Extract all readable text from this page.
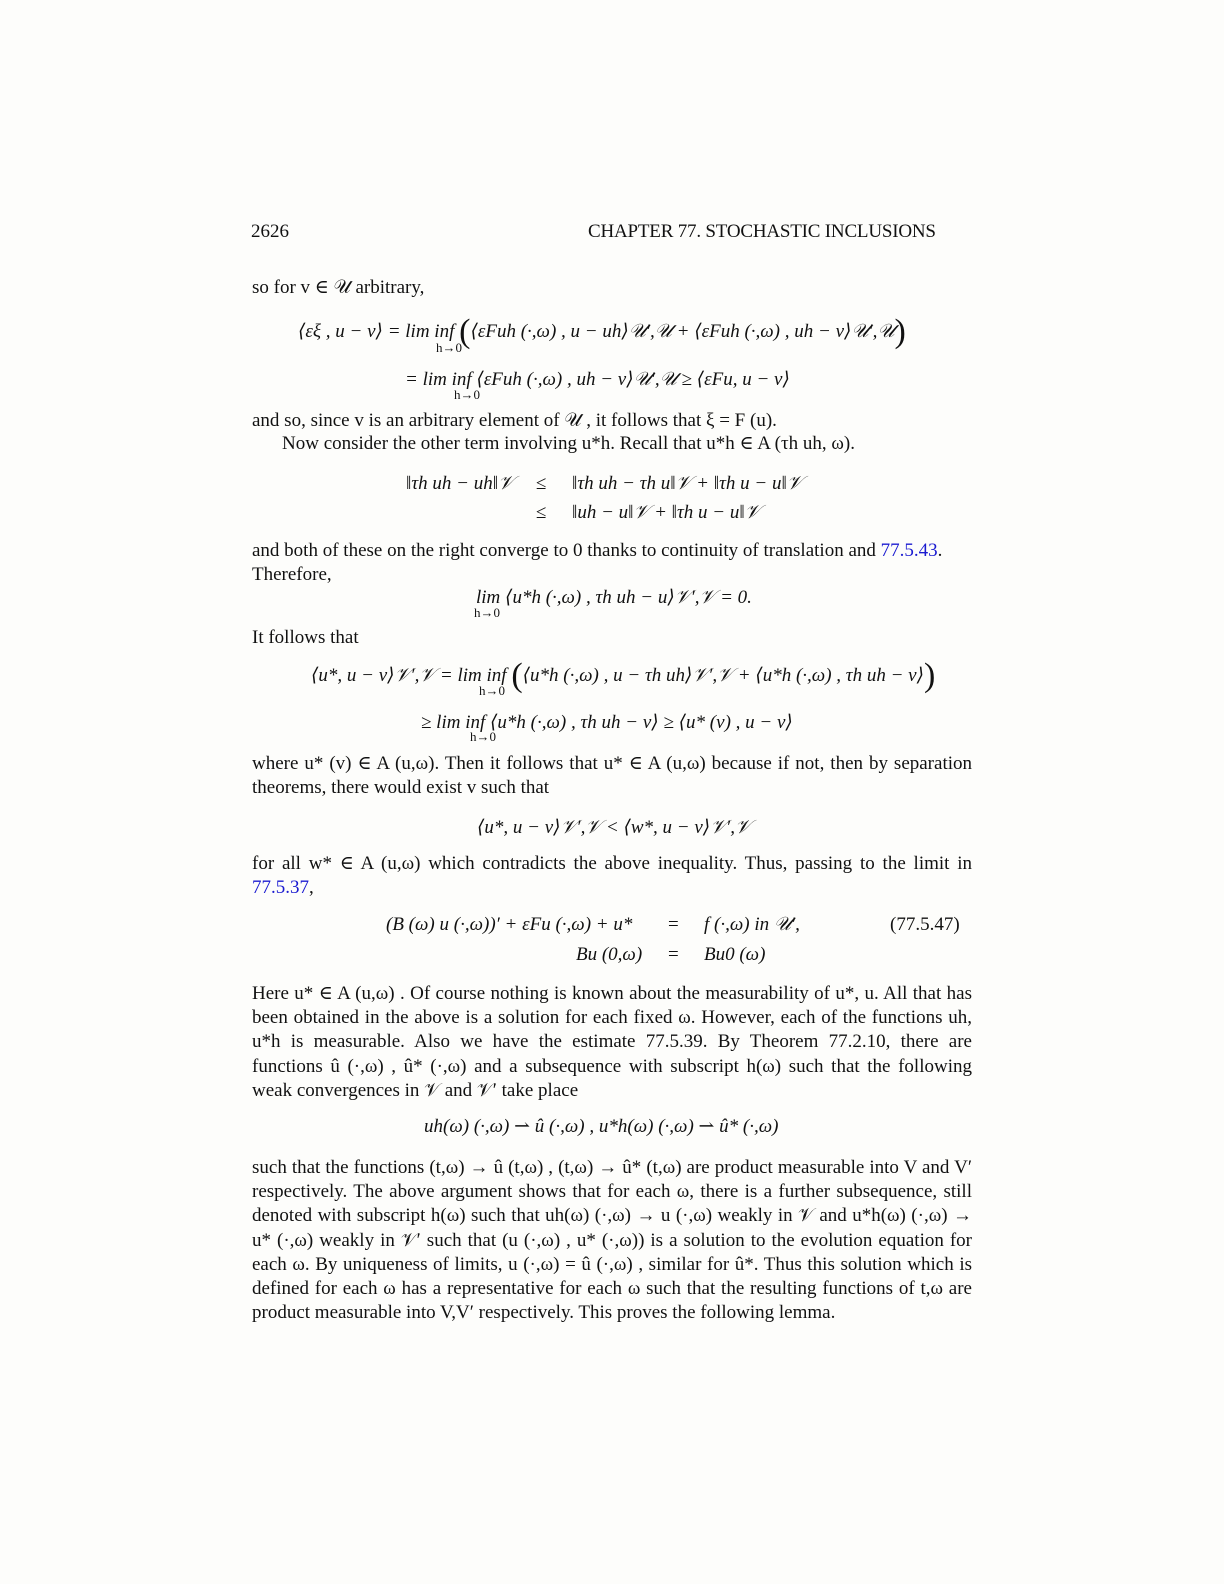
2626	CHAPTER 77. STOCHASTIC INCLUSIONS
so for v ∈ 𝒰 arbitrary,
⟨εξ , u − v⟩ = lim inf (⟨εFuh (·,ω) , u − uh⟩𝒰′,𝒰 + ⟨εFuh (·,ω) , uh − v⟩𝒰′,𝒰)
h→0
= lim inf ⟨εFuh (·,ω) , uh − v⟩𝒰′,𝒰 ≥ ⟨εFu, u − v⟩
h→0
and so, since v is an arbitrary element of 𝒰 , it follows that ξ = F (u).
Now consider the other term involving u*h. Recall that u*h ∈ A (τh uh, ω).
‖τh uh − uh‖𝒱 ≤ ‖τh uh − τh u‖𝒱 + ‖τh u − u‖𝒱
≤ ‖uh − u‖𝒱 + ‖τh u − u‖𝒱
and both of these on the right converge to 0 thanks to continuity of translation and 77.5.43.
Therefore,
lim ⟨u*h (·,ω) , τh uh − u⟩𝒱′,𝒱 = 0.
h→0
It follows that
⟨u*, u − v⟩𝒱′,𝒱 = lim inf (⟨u*h (·,ω) , u − τh uh⟩𝒱′,𝒱 + ⟨u*h (·,ω) , τh uh − v⟩)
h→0
≥ lim inf ⟨u*h (·,ω) , τh uh − v⟩ ≥ ⟨u* (v) , u − v⟩
h→0
where u* (v) ∈ A (u,ω). Then it follows that u* ∈ A (u,ω) because if not, then by separation theorems, there would exist v such that
⟨u*, u − v⟩𝒱′,𝒱 < ⟨w*, u − v⟩𝒱′,𝒱
for all w* ∈ A (u,ω) which contradicts the above inequality. Thus, passing to the limit in 77.5.37,
(B (ω) u (·,ω))′ + εFu (·,ω) + u* = f (·,ω) in 𝒰′,	(77.5.47)
Bu (0,ω) = Bu0 (ω)
Here u* ∈ A (u,ω) . Of course nothing is known about the measurability of u*, u. All that has been obtained in the above is a solution for each fixed ω. However, each of the functions uh, u*h is measurable. Also we have the estimate 77.5.39. By Theorem 77.2.10, there are functions û (·,ω) , û* (·,ω) and a subsequence with subscript h(ω) such that the following weak convergences in 𝒱 and 𝒱′ take place
uh(ω) (·,ω) ⇀ û (·,ω) , u*h(ω) (·,ω) ⇀ û* (·,ω)
such that the functions (t,ω) → û (t,ω) , (t,ω) → û* (t,ω) are product measurable into V and V′ respectively. The above argument shows that for each ω, there is a further subsequence, still denoted with subscript h(ω) such that uh(ω) (·,ω) → u (·,ω) weakly in 𝒱 and u*h(ω) (·,ω) → u* (·,ω) weakly in 𝒱′ such that (u (·,ω) , u* (·,ω)) is a solution to the evolution equation for each ω. By uniqueness of limits, u (·,ω) = û (·,ω) , similar for û*. Thus this solution which is defined for each ω has a representative for each ω such that the resulting functions of t,ω are product measurable into V,V′ respectively. This proves the following lemma.
